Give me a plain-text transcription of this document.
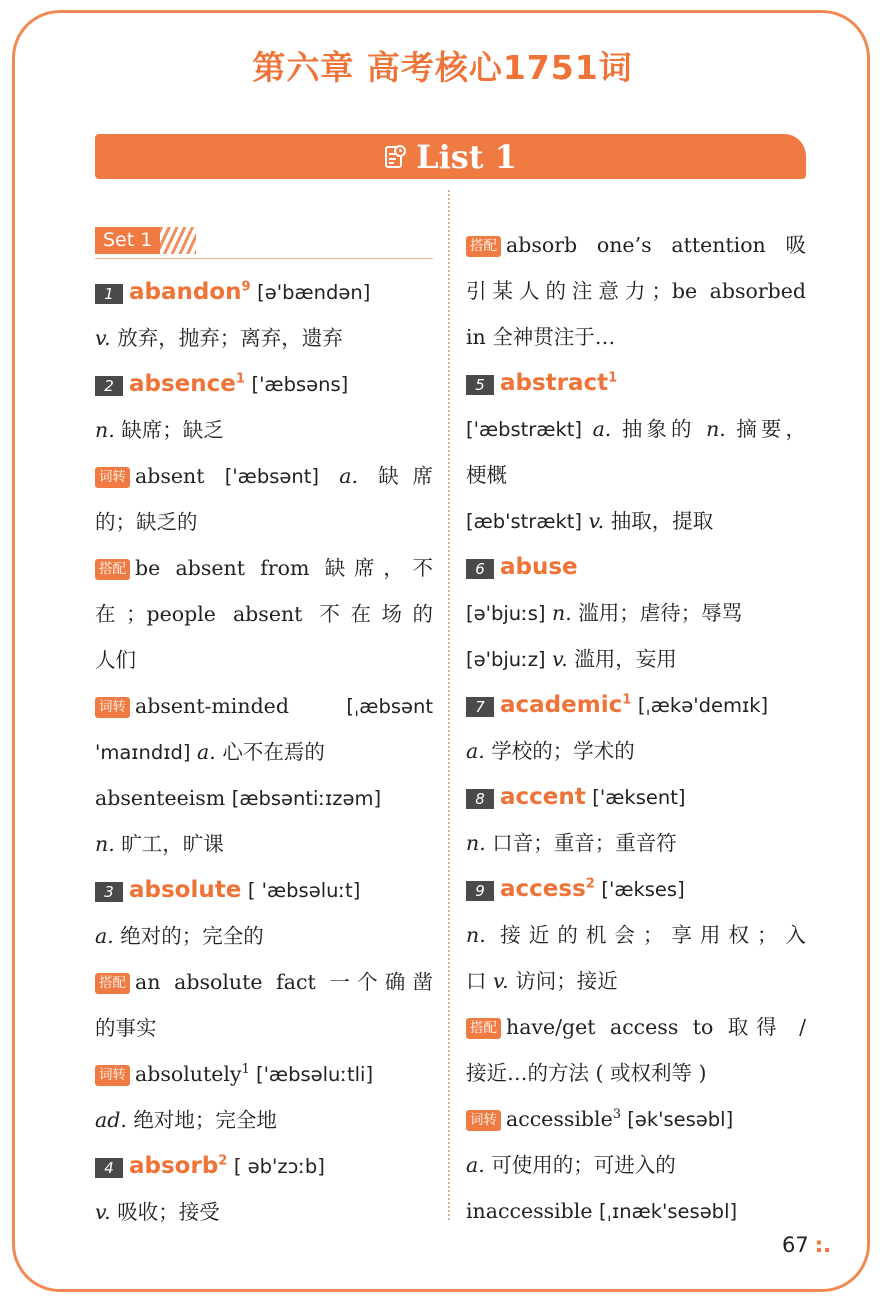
第六章 高考核心1751词
List 1
Set 1
1 abandon$^9$ [ə'bændən]
v. 放弃，抛弃；离弃，遗弃
2 absence$^1$ ['æbsəns]
n. 缺席；缺乏
词转 absent ['æbsənt] a. 缺席
的；缺乏的
搭配 be absent from 缺席，不
在；people absent 不在场的
人们
词转 absent-minded [ˌæbsənt
'maɪndɪd] a. 心不在焉的
absenteeism [æbsəntiːɪzəm]
n. 旷工，旷课
3 absolute [ 'æbsəluːt]
a. 绝对的；完全的
搭配 an absolute fact 一个确凿
的事实
词转 absolutely$^1$ ['æbsəluːtli]
ad. 绝对地；完全地
4 absorb$^2$ [ əb'zɔːb]
v. 吸收；接受
搭配 absorb one’s attention 吸
引某人的注意力；be absorbed
in 全神贯注于…
5 abstract$^1$
['æbstrækt] a. 抽象的 n. 摘要，
梗概
[æb'strækt] v. 抽取，提取
6 abuse
[ə'bjuːs] n. 滥用；虐待；辱骂
[ə'bjuːz] v. 滥用，妄用
7 academic$^1$ [ˌækə'demɪk]
a. 学校的；学术的
8 accent ['æksent]
n. 口音；重音；重音符
9 access$^2$ ['ækses]
n. 接近的机会；享用权；入
口 v. 访问；接近
搭配 have/get access to 取得 /
接近…的方法 ( 或权利等 )
词转 accessible$^3$ [ək'sesəbl]
a. 可使用的；可进入的
inaccessible [ˌɪnæk'sesəbl]
67 :.
